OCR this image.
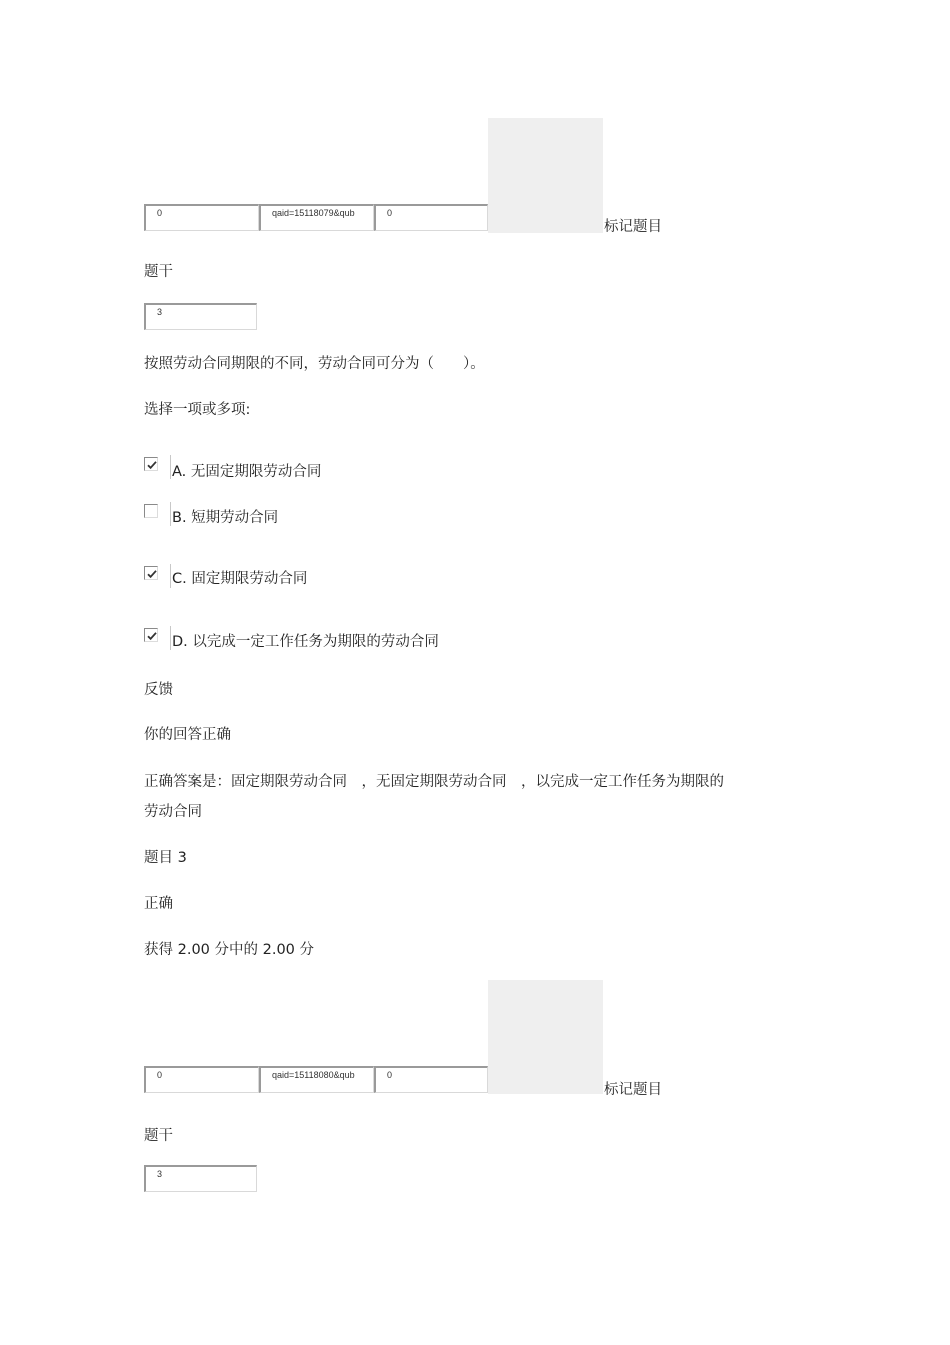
0	qaid=15118079&qub	0
标记题目
题干
3
按照劳动合同期限的不同，劳动合同可分为（　　）。
选择一项或多项:
A. 无固定期限劳动合同
B. 短期劳动合同
C. 固定期限劳动合同
D. 以完成一定工作任务为期限的劳动合同
反馈
你的回答正确
正确答案是：固定期限劳动合同　，无固定期限劳动合同　，以完成一定工作任务为期限的
劳动合同
题目 3
正确
获得 2.00 分中的 2.00 分
0	qaid=15118080&qub	0
标记题目
题干
3
